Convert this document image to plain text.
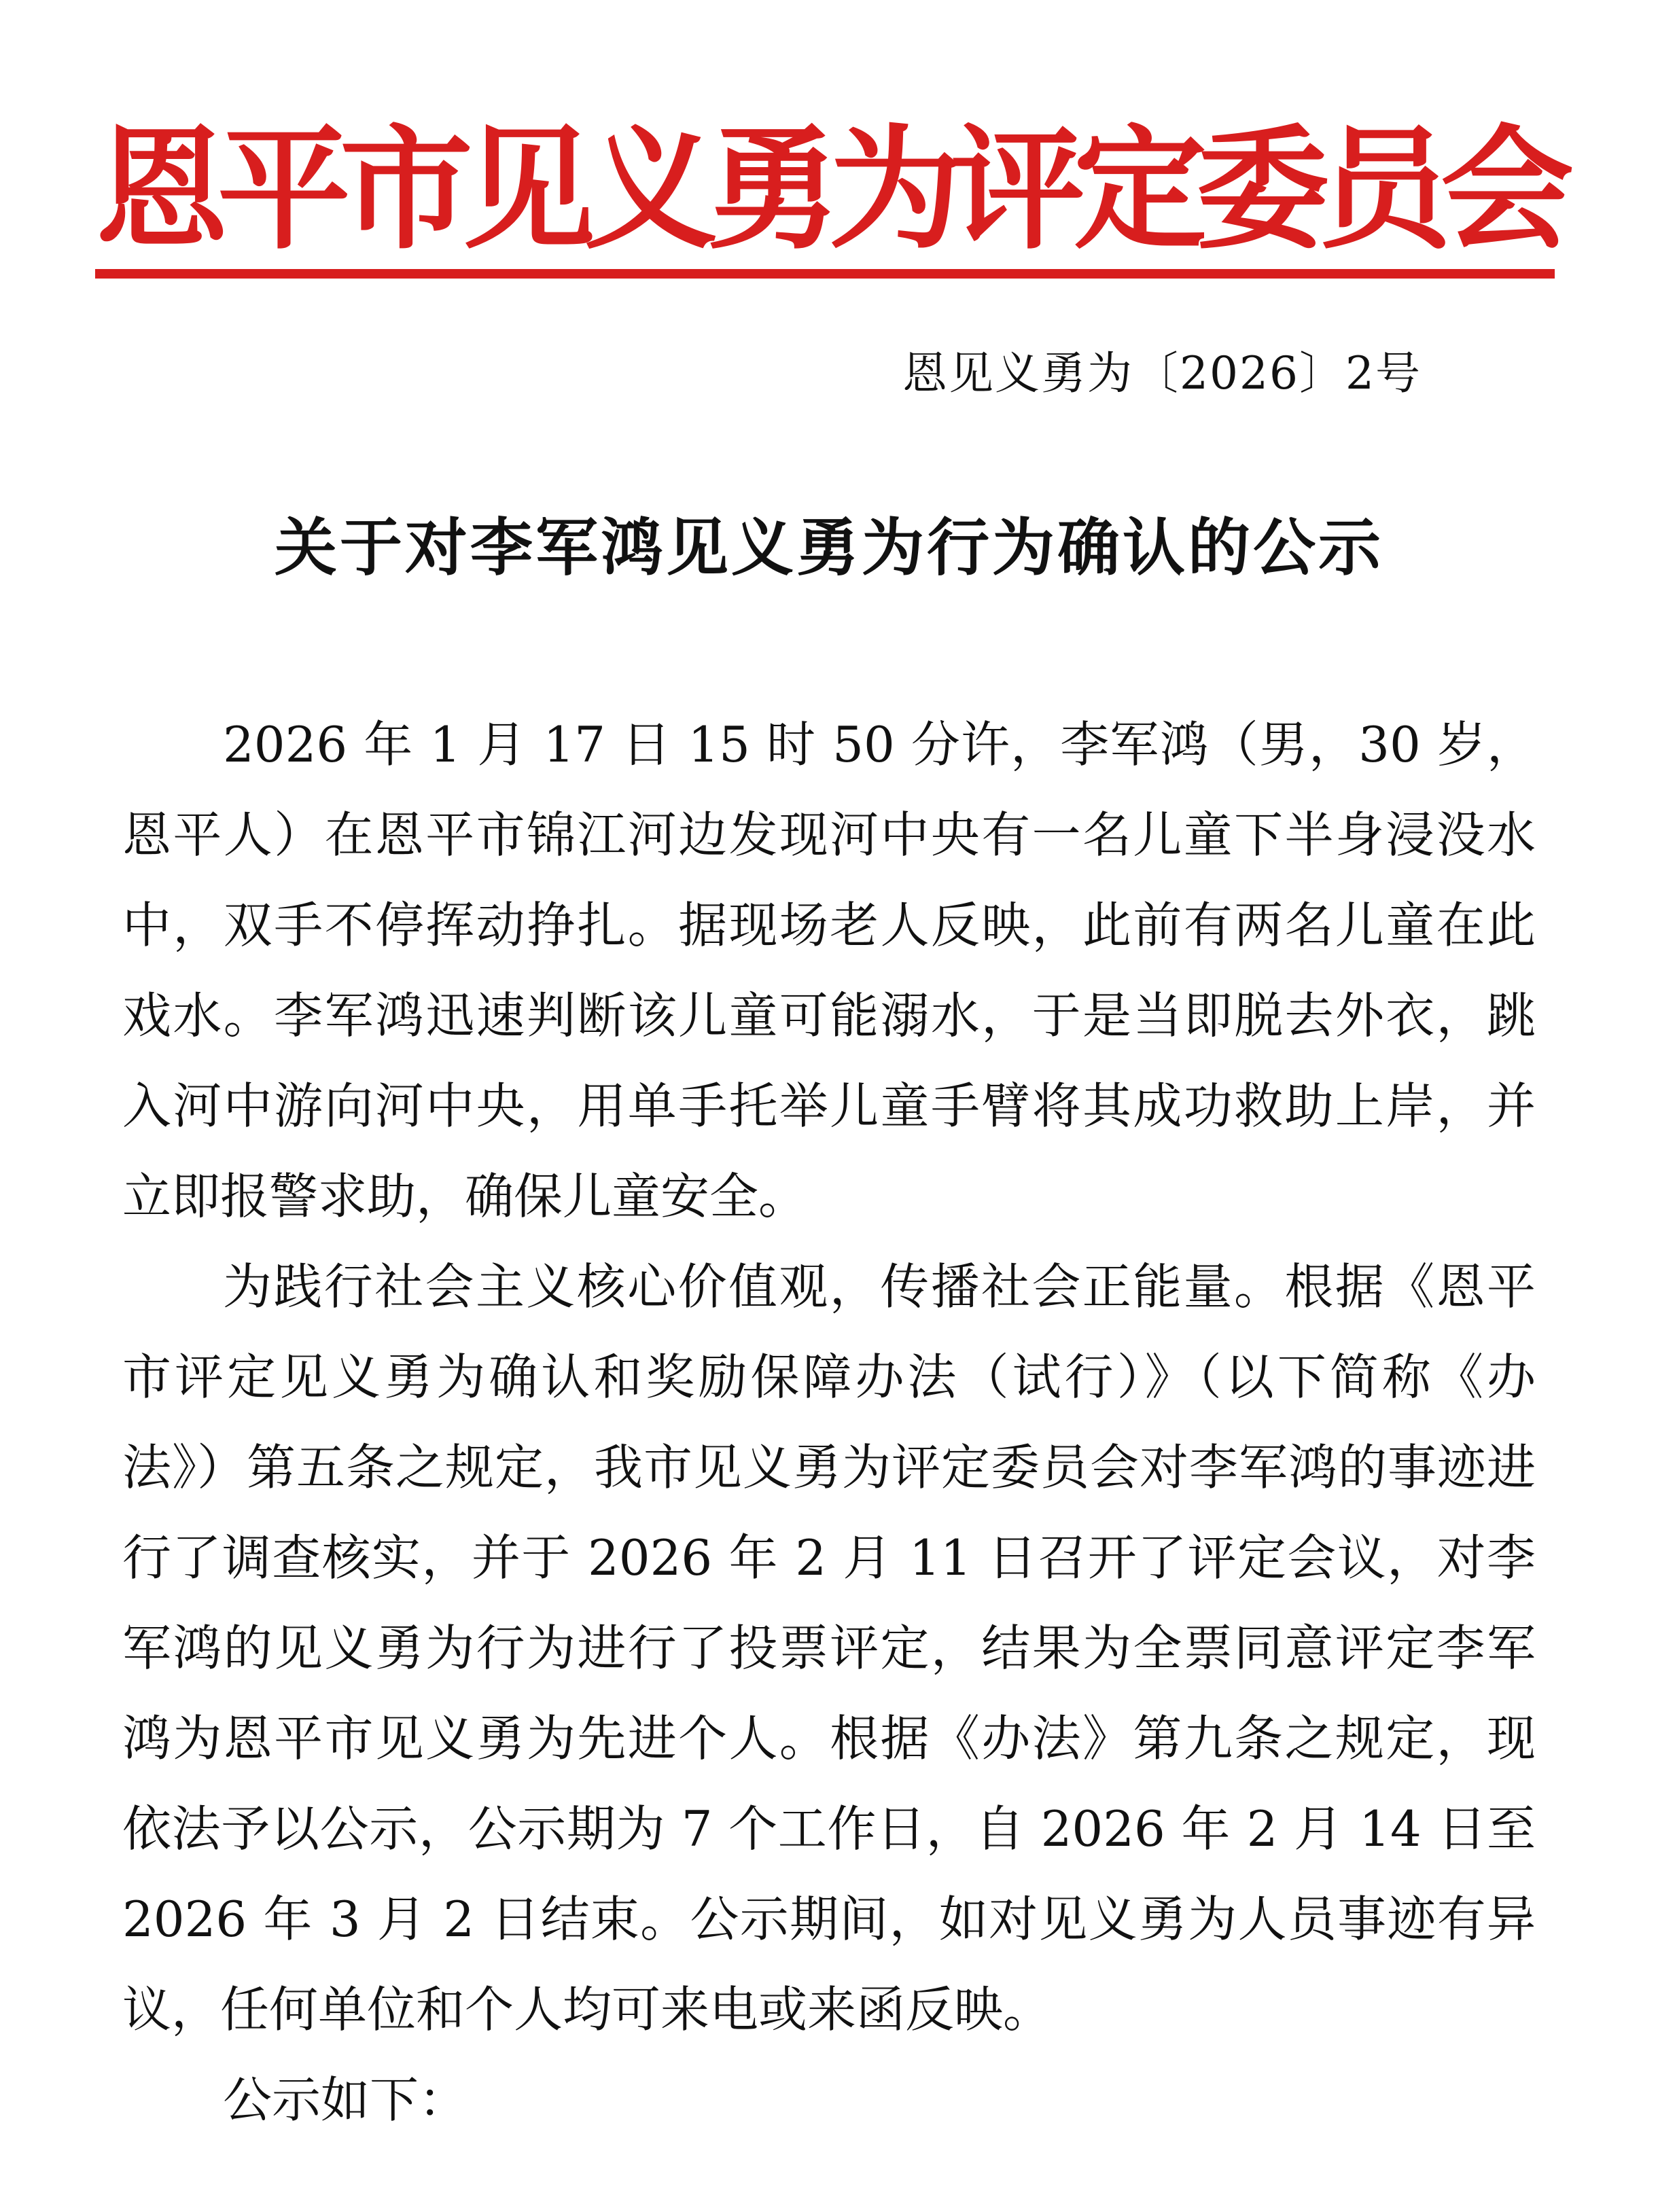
恩平市见义勇为评定委员会
恩见义勇为〔2026〕2号
关于对李军鸿见义勇为行为确认的公示

2026 年 1 月 17 日 15 时 50 分许，李军鸿（男，30 岁，恩平人）在恩平市锦江河边发现河中央有一名儿童下半身浸没水中，双手不停挥动挣扎。据现场老人反映，此前有两名儿童在此戏水。李军鸿迅速判断该儿童可能溺水，于是当即脱去外衣，跳入河中游向河中央，用单手托举儿童手臂将其成功救助上岸，并立即报警求助，确保儿童安全。

为践行社会主义核心价值观，传播社会正能量。根据《恩平市评定见义勇为确认和奖励保障办法（试行）》（以下简称《办法》）第五条之规定，我市见义勇为评定委员会对李军鸿的事迹进行了调查核实，并于 2026 年 2 月 11 日召开了评定会议，对李军鸿的见义勇为行为进行了投票评定，结果为全票同意评定李军鸿为恩平市见义勇为先进个人。根据《办法》第九条之规定，现依法予以公示，公示期为 7 个工作日，自 2026 年 2 月 14 日至 2026 年 3 月 2 日结束。公示期间，如对见义勇为人员事迹有异议，任何单位和个人均可来电或来函反映。

公示如下：
